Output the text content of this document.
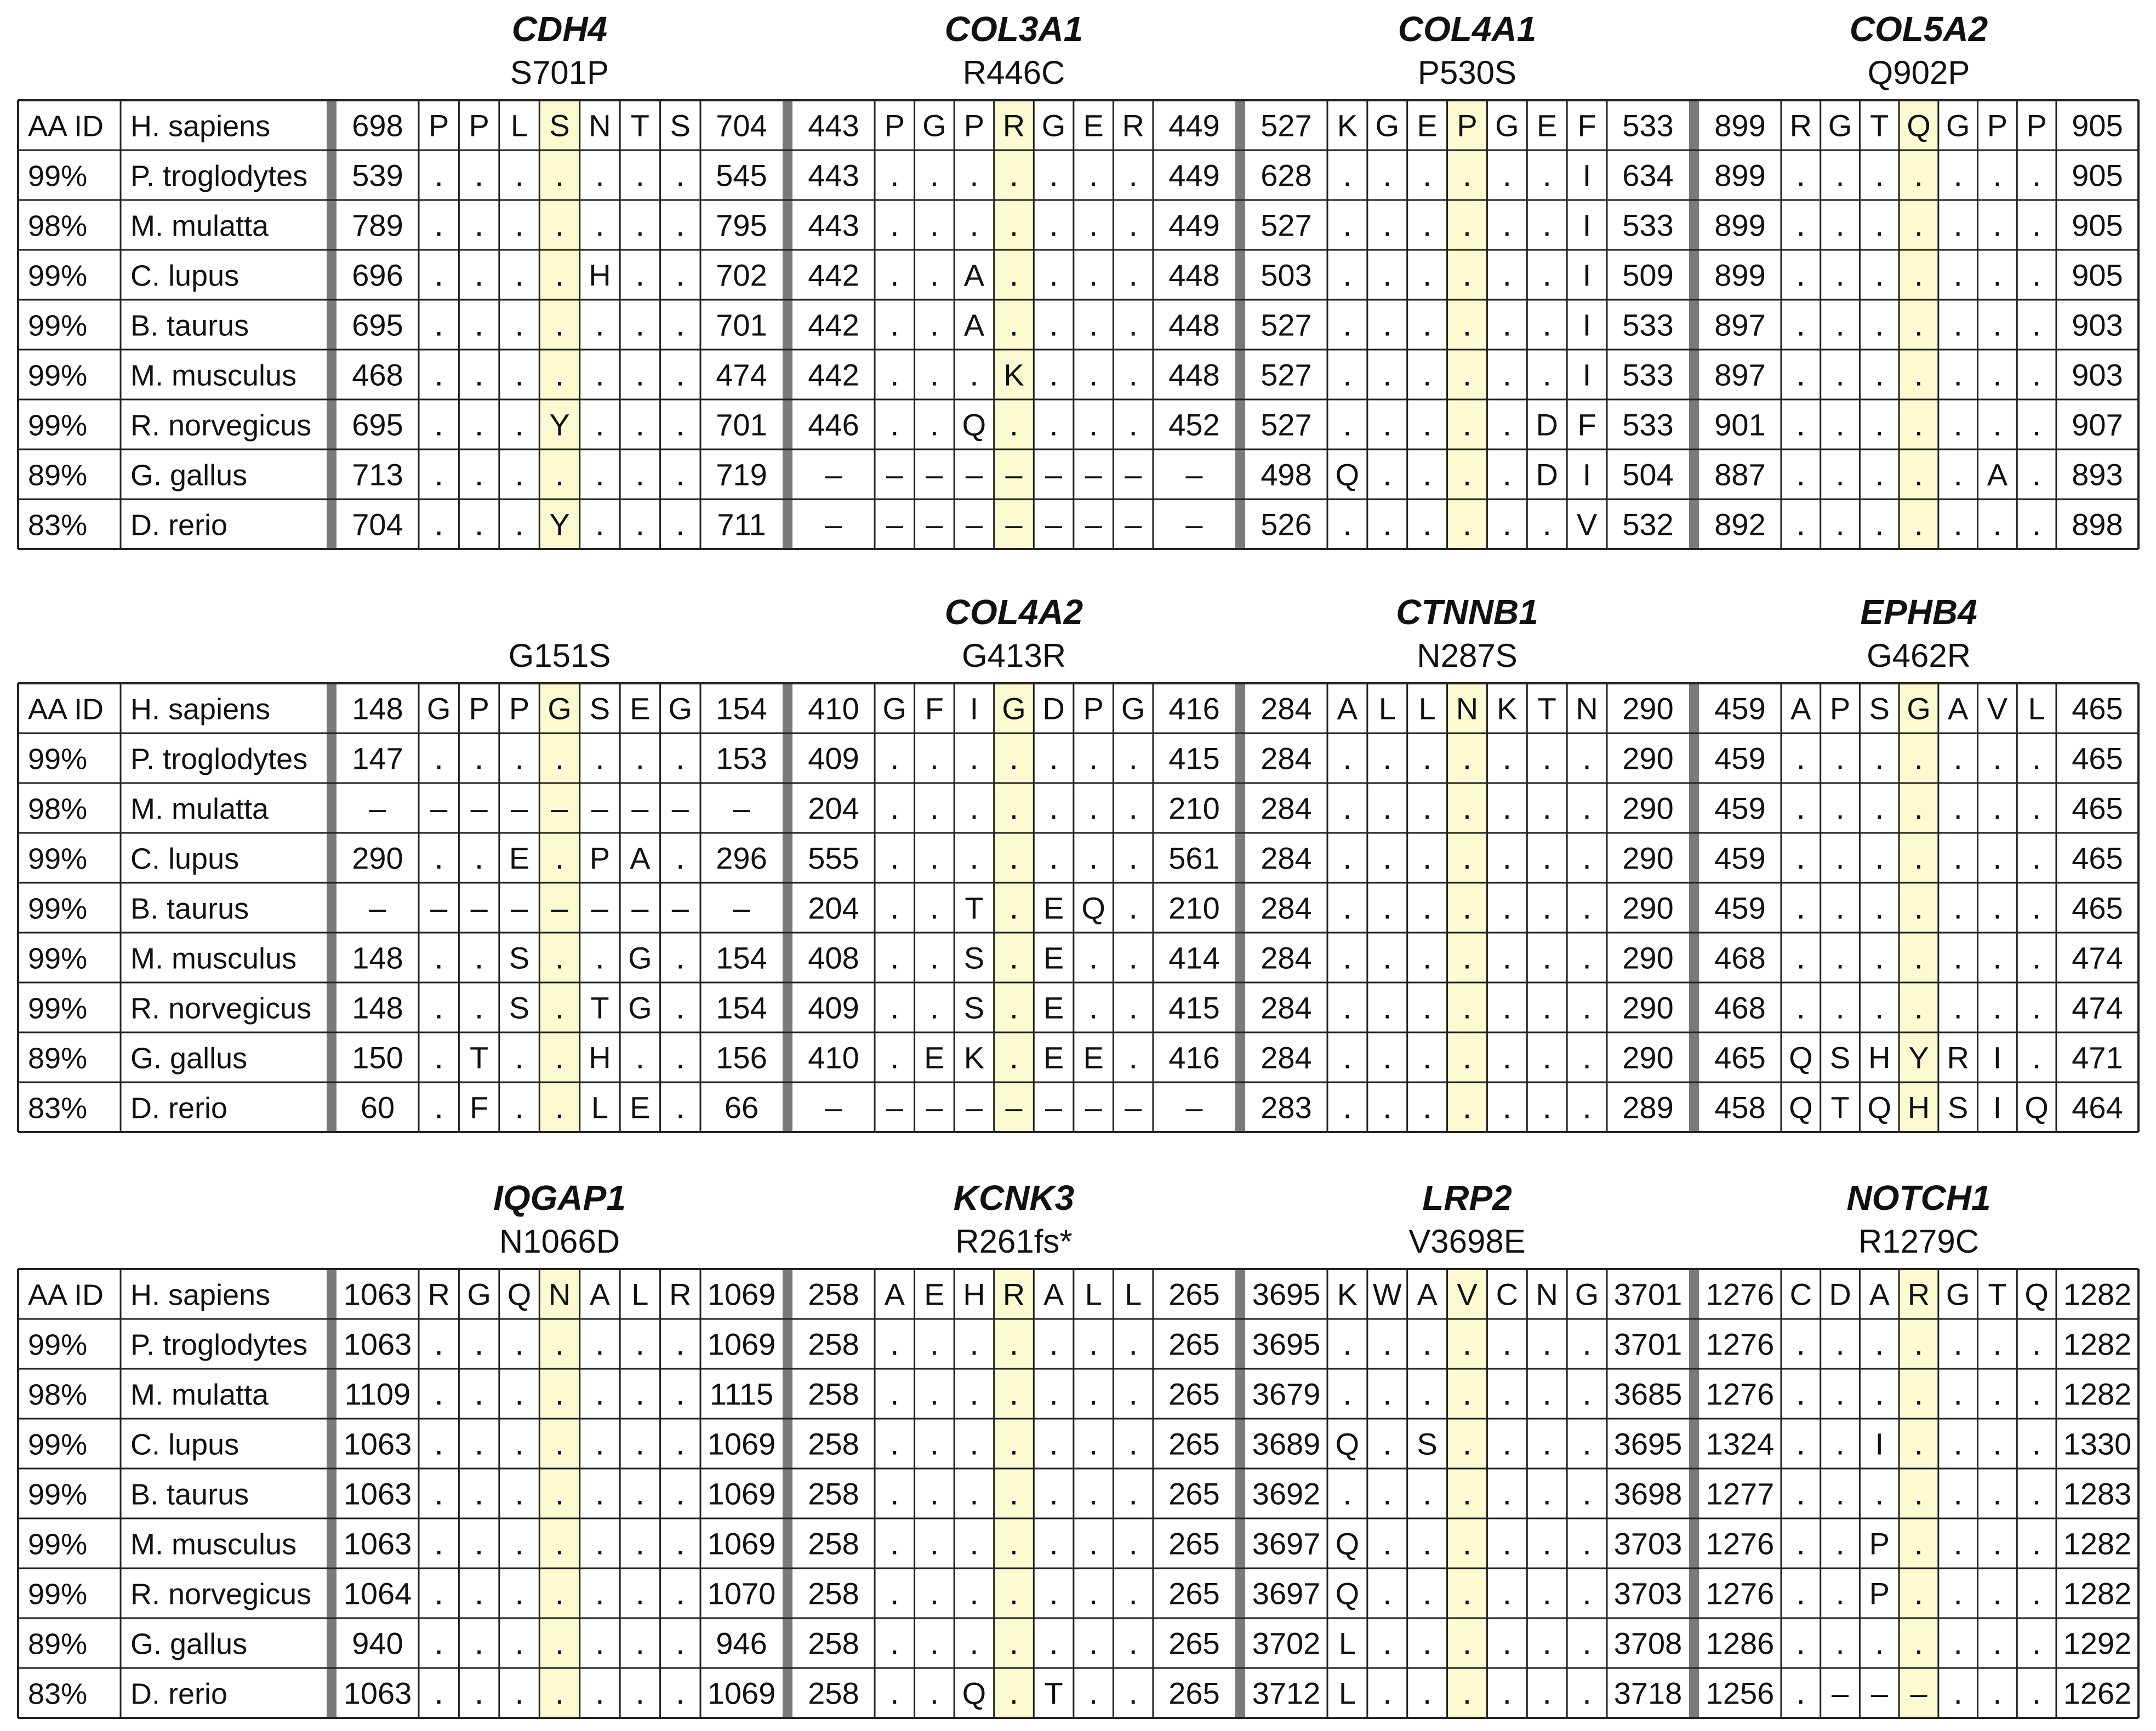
CDH4
S701P
698 P P L S N T S 704
539 . . . . . . . 545
789 . . . . . . . 795
696 . . . . H . . 702
695 . . . . . . . 701
468 . . . . . . . 474
695 . . . Y . . . 701
713 . . . . . . . 719
704 . . . Y . . . 711
COL3A1
R446C
443 P G P R G E R 449
443 . . . . . . . 449
443 . . . . . . . 449
442 . . A . . . . 448
442 . . A . . . . 448
442 . . . K . . . 448
446 . . Q . . . . 452
– – – – – – – – –
– – – – – – – – –
COL4A1
P530S
527 K G E P G E F 533
628 . . . . . . I 634
527 . . . . . . I 533
503 . . . . . . I 509
527 . . . . . . I 533
527 . . . . . . I 533
527 . . . . . D F 533
498 Q . . . . D I 504
526 . . . . . . V 532
COL5A2
Q902P
899 R G T Q G P P 905
899 . . . . . . . 905
899 . . . . . . . 905
899 . . . . . . . 905
897 . . . . . . . 903
897 . . . . . . . 903
901 . . . . . . . 907
887 . . . . . A . 893
892 . . . . . . . 898
AA ID H. sapiens
99% P. troglodytes
98% M. mulatta
99% C. lupus
99% B. taurus
99% M. musculus
99% R. norvegicus
89% G. gallus
83% D. rerio
G151S
148 G P P G S E G 154
147 . . . . . . . 153
– – – – – – – – –
290 . . E . P A . 296
– – – – – – – – –
148 . . S . . G . 154
148 . . S . T G . 154
150 . T . . H . . 156
60 . F . . L E . 66
COL4A2
G413R
410 G F I G D P G 416
409 . . . . . . . 415
204 . . . . . . . 210
555 . . . . . . . 561
204 . . T . E Q . 210
408 . . S . E . . 414
409 . . S . E . . 415
410 . E K . E E . 416
– – – – – – – – –
CTNNB1
N287S
284 A L L N K T N 290
284 . . . . . . . 290
284 . . . . . . . 290
284 . . . . . . . 290
284 . . . . . . . 290
284 . . . . . . . 290
284 . . . . . . . 290
284 . . . . . . . 290
283 . . . . . . . 289
EPHB4
G462R
459 A P S G A V L 465
459 . . . . . . . 465
459 . . . . . . . 465
459 . . . . . . . 465
459 . . . . . . . 465
468 . . . . . . . 474
468 . . . . . . . 474
465 Q S H Y R I . 471
458 Q T Q H S I Q 464
AA ID H. sapiens
99% P. troglodytes
98% M. mulatta
99% C. lupus
99% B. taurus
99% M. musculus
99% R. norvegicus
89% G. gallus
83% D. rerio
IQGAP1
N1066D
1063 R G Q N A L R 1069
1063 . . . . . . . 1069
1109 . . . . . . . 1115
1063 . . . . . . . 1069
1063 . . . . . . . 1069
1063 . . . . . . . 1069
1064 . . . . . . . 1070
940 . . . . . . . 946
1063 . . . . . . . 1069
KCNK3
R261fs*
258 A E H R A L L 265
258 . . . . . . . 265
258 . . . . . . . 265
258 . . . . . . . 265
258 . . . . . . . 265
258 . . . . . . . 265
258 . . . . . . . 265
258 . . . . . . . 265
258 . . Q . T . . 265
LRP2
V3698E
3695 K W A V C N G 3701
3695 . . . . . . . 3701
3679 . . . . . . . 3685
3689 Q . S . . . . 3695
3692 . . . . . . . 3698
3697 Q . . . . . . 3703
3697 Q . . . . . . 3703
3702 L . . . . . . 3708
3712 L . . . . . . 3718
NOTCH1
R1279C
1276 C D A R G T Q 1282
1276 . . . . . . . 1282
1276 . . . . . . . 1282
1324 . . I . . . . 1330
1277 . . . . . . . 1283
1276 . . P . . . . 1282
1276 . . P . . . . 1282
1286 . . . . . . . 1292
1256 . – – – . . . 1262
AA ID H. sapiens
99% P. troglodytes
98% M. mulatta
99% C. lupus
99% B. taurus
99% M. musculus
99% R. norvegicus
89% G. gallus
83% D. rerio
